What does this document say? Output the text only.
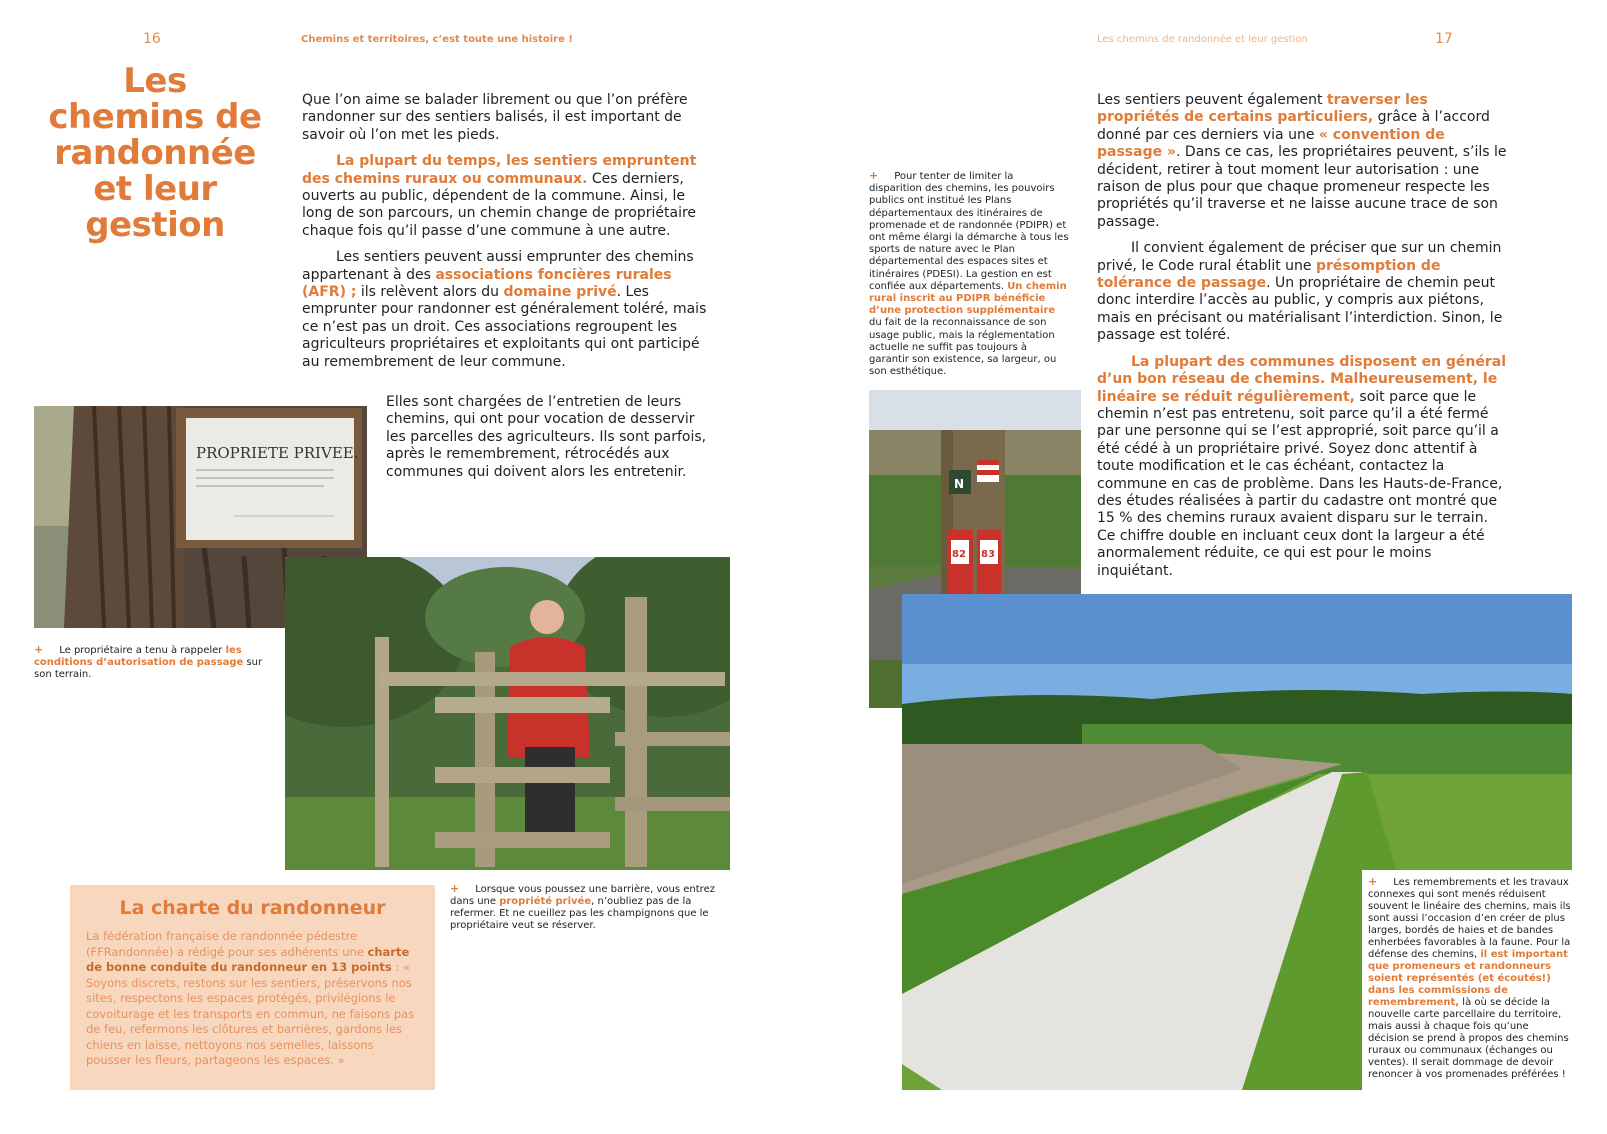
16	Chemins et territoires, c’est toute une histoire !
Les
chemins de
randonnée
et leur
gestion

Que l’on aime se balader librement ou que l’on préfère randonner sur des sentiers balisés, il est important de savoir où l’on met les pieds.

La plupart du temps, les sentiers empruntent des chemins ruraux ou communaux. Ces derniers, ouverts au public, dépendent de la commune. Ainsi, le long de son parcours, un chemin change de propriétaire chaque fois qu’il passe d’une commune à une autre.

Les sentiers peuvent aussi emprunter des chemins appartenant à des associations foncières rurales (AFR) ; ils relèvent alors du domaine privé. Les emprunter pour randonner est généralement toléré, mais ce n’est pas un droit. Ces associations regroupent les agriculteurs propriétaires et exploitants qui ont participé au remembrement de leur commune.

Elles sont chargées de l’entretien de leurs chemins, qui ont pour vocation de desservir les parcelles des agriculteurs. Ils sont parfois, après le remembrement, rétrocédés aux communes qui doivent alors les entretenir.
PROPRIETE PRIVEE.
+ Le propriétaire a tenu à rappeler les conditions d’autorisation de passage sur son terrain.
+ Lorsque vous poussez une barrière, vous entrez dans une propriété privée, n’oubliez pas de la refermer. Et ne cueillez pas les champignons que le propriétaire veut se réserver.
La charte du randonneur
La fédération française de randonnée pédestre (FFRandonnée) a rédigé pour ses adhérents une charte de bonne conduite du randonneur en 13 points : « Soyons discrets, restons sur les sentiers, préservons nos sites, respectons les espaces protégés, privilégions le covoiturage et les transports en commun, ne faisons pas de feu, refermons les clôtures et barrières, gardons les chiens en laisse, nettoyons nos semelles, laissons pousser les fleurs, partageons les espaces. »
Les chemins de randonnée et leur gestion	17
+ Pour tenter de limiter la disparition des chemins, les pouvoirs publics ont institué les Plans départementaux des itinéraires de promenade et de randonnée (PDIPR) et ont même élargi la démarche à tous les sports de nature avec le Plan départemental des espaces sites et itinéraires (PDESI). La gestion en est confiée aux départements. Un chemin rural inscrit au PDIPR bénéficie d’une protection supplémentaire du fait de la reconnaissance de son usage public, mais la réglementation actuelle ne suffit pas toujours à garantir son existence, sa largeur, ou son esthétique.

Les sentiers peuvent également traverser les propriétés de certains particuliers, grâce à l’accord donné par ces derniers via une « convention de passage ». Dans ce cas, les propriétaires peuvent, s’ils le décident, retirer à tout moment leur autorisation : une raison de plus pour que chaque promeneur respecte les propriétés qu’il traverse et ne laisse aucune trace de son passage.

Il convient également de préciser que sur un chemin privé, le Code rural établit une présomption de tolérance de passage. Un propriétaire de chemin peut donc interdire l’accès au public, y compris aux piétons, mais en précisant ou matérialisant l’interdiction. Sinon, le passage est toléré.

La plupart des communes disposent en général d’un bon réseau de chemins. Malheureusement, le linéaire se réduit régulièrement, soit parce que le chemin n’est pas entretenu, soit parce qu’il a été fermé par une personne qui se l’est approprié, soit parce qu’il a été cédé à un propriétaire privé. Soyez donc attentif à toute modification et le cas échéant, contactez la commune en cas de problème. Dans les Hauts-de-France, des études réalisées à partir du cadastre ont montré que 15 % des chemins ruraux avaient disparu sur le terrain. Ce chiffre double en incluant ceux dont la largeur a été anormalement réduite, ce qui est pour le moins inquiétant.

N
82 83
+ Les remembrements et les travaux connexes qui sont menés réduisent souvent le linéaire des chemins, mais ils sont aussi l’occasion d’en créer de plus larges, bordés de haies et de bandes enherbées favorables à la faune. Pour la défense des chemins, il est important que promeneurs et randonneurs soient représentés (et écoutés!) dans les commissions de remembrement, là où se décide la nouvelle carte parcellaire du territoire, mais aussi à chaque fois qu’une décision se prend à propos des chemins ruraux ou communaux (échanges ou ventes). Il serait dommage de devoir renoncer à vos promenades préférées !
